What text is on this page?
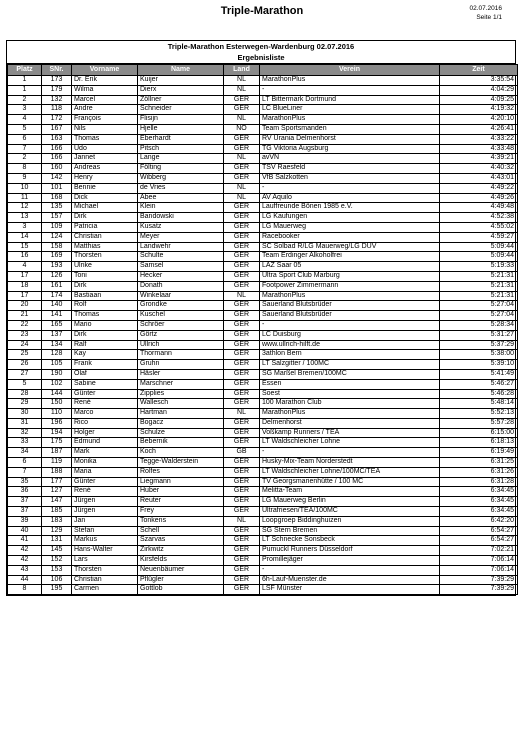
Triple-Marathon	02.07.2016
Seite 1/1
Triple-Marathon Esterwegen-Wardenburg 02.07.2016
Ergebnisliste
Platz	SNr.	Vorname	Name	Land	Verein	Zeit
1	173	Dr. Erik	Kuijer	NL	MarathonPlus	3:35:54
1	179	Wilma	Dierx	NL	-	4:04:29
2	132	Marcel	Zöllner	GER	LT Bittermark Dortmund	4:09:25
3	118	Andre	Schneider	GER	LC BlueLiner	4:19:32
4	172	François	Flisijn	NL	MarathonPlus	4:20:10
5	167	Nils	Hjelle	NO	Team Sportsmanden	4:26:41
6	163	Thomas	Eberhardt	GER	RV Urania Delmenhorst	4:33:22
7	166	Udo	Pitsch	GER	TG Viktoria Augsburg	4:33:48
2	166	Jannet	Lange	NL	avVN	4:39:21
8	160	Andreas	Fölting	GER	TSV Raesfeld	4:40:32
9	142	Henry	Wibberg	GER	VfB Salzkotten	4:43:01
10	101	Bennie	de Vries	NL	-	4:49:22
11	168	Dick	Abee	NL	AV Aquilo	4:49:26
12	135	Michael	Klein	GER	Lauffreunde Bönen 1985 e.V.	4:49:48
13	157	Dirk	Bandowski	GER	LG Kaufungen	4:52:38
3	109	Patricia	Kusatz	GER	LG Mauerweg	4:55:02
14	124	Christian	Meyer	GER	Racebooker	4:59:27
15	158	Matthias	Landwehr	GER	SC Solbad R/LG Mauerweg/LG DUV	5:09:44
16	169	Thorsten	Schulte	GER	Team Erdinger Alkoholfrei	5:09:44
4	193	Ulrike	Samsel	GER	LAZ Saar 05	5:19:33
17	126	Toni	Hecker	GER	Ultra Sport Club Marburg	5:21:31
18	161	Dirk	Donath	GER	Footpower Zimmermann	5:21:31
17	174	Bastiaan	Winkelaar	NL	MarathonPlus	5:21:31
20	140	Rolf	Grondke	GER	Sauerland Blutsbrüder	5:27:04
21	141	Thomas	Kuschel	GER	Sauerland Blutsbrüder	5:27:04
22	165	Mario	Schröer	GER	-	5:28:34
23	137	Dirk	Görtz	GER	LC Duisburg	5:31:27
24	134	Ralf	Ullrich	GER	www.ullrich-hilft.de	5:37:29
25	128	Kay	Thormann	GER	3athlon Bern	5:38:00
26	105	Frank	Gruhn	GER	LT Salzgitter / 100MC	5:39:10
27	190	Olaf	Häsler	GER	SG Marßel Bremen/100MC	5:41:49
5	102	Sabine	Marschner	GER	Essen	5:46:27
28	144	Günter	Zipplies	GER	Soest	5:46:28
29	150	René	Wallesch	GER	100 Marathon Club	5:48:14
30	110	Marco	Hartman	NL	MarathonPlus	5:52:13
31	196	Rico	Bogacz	GER	Delmenhorst	5:57:28
32	194	Holger	Schulze	GER	Voßkamp Runners / TEA	6:15:00
33	175	Edmund	Bebernik	GER	LT Waldschleicher Lohne	6:18:13
34	187	Mark	Koch	GB	-	6:19:49
6	119	Monika	Tegge-Walderstein	GER	Husky-Mix-Team Norderstedt	6:31:25
7	188	Maria	Rolfes	GER	LT Waldschleicher Lohne/100MC/TEA	6:31:26
35	177	Günter	Liegmann	GER	TV Georgsmarienhütte / 100 MC	6:31:28
36	127	René	Huber	GER	Melitta-Team	6:34:45
37	147	Jürgen	Reuter	GER	LG Mauerweg Berlin	6:34:45
37	185	Jürgen	Frey	GER	Ultrafriesen/TEA/100MC	6:34:45
39	183	Jan	Tonkens	NL	Loopgroep Biddinghuizen	6:42:20
40	129	Stefan	Schell	GER	SG Stern Bremen	6:54:27
41	131	Markus	Szarvas	GER	LT Schnecke Sonsbeck	6:54:27
42	145	Hans-Walter	Zirkwitz	GER	Pumuckl Runners Düsseldorf	7:02:21
42	152	Lars	Kirsfelds	GER	Promillejäger	7:06:14
43	153	Thorsten	Neuenbäumer	GER	-	7:06:14
44	106	Christian	Pflügler	GER	6h-Lauf-Muenster.de	7:39:29
8	195	Carmen	Gottlob	GER	LSF Münster	7:39:29
